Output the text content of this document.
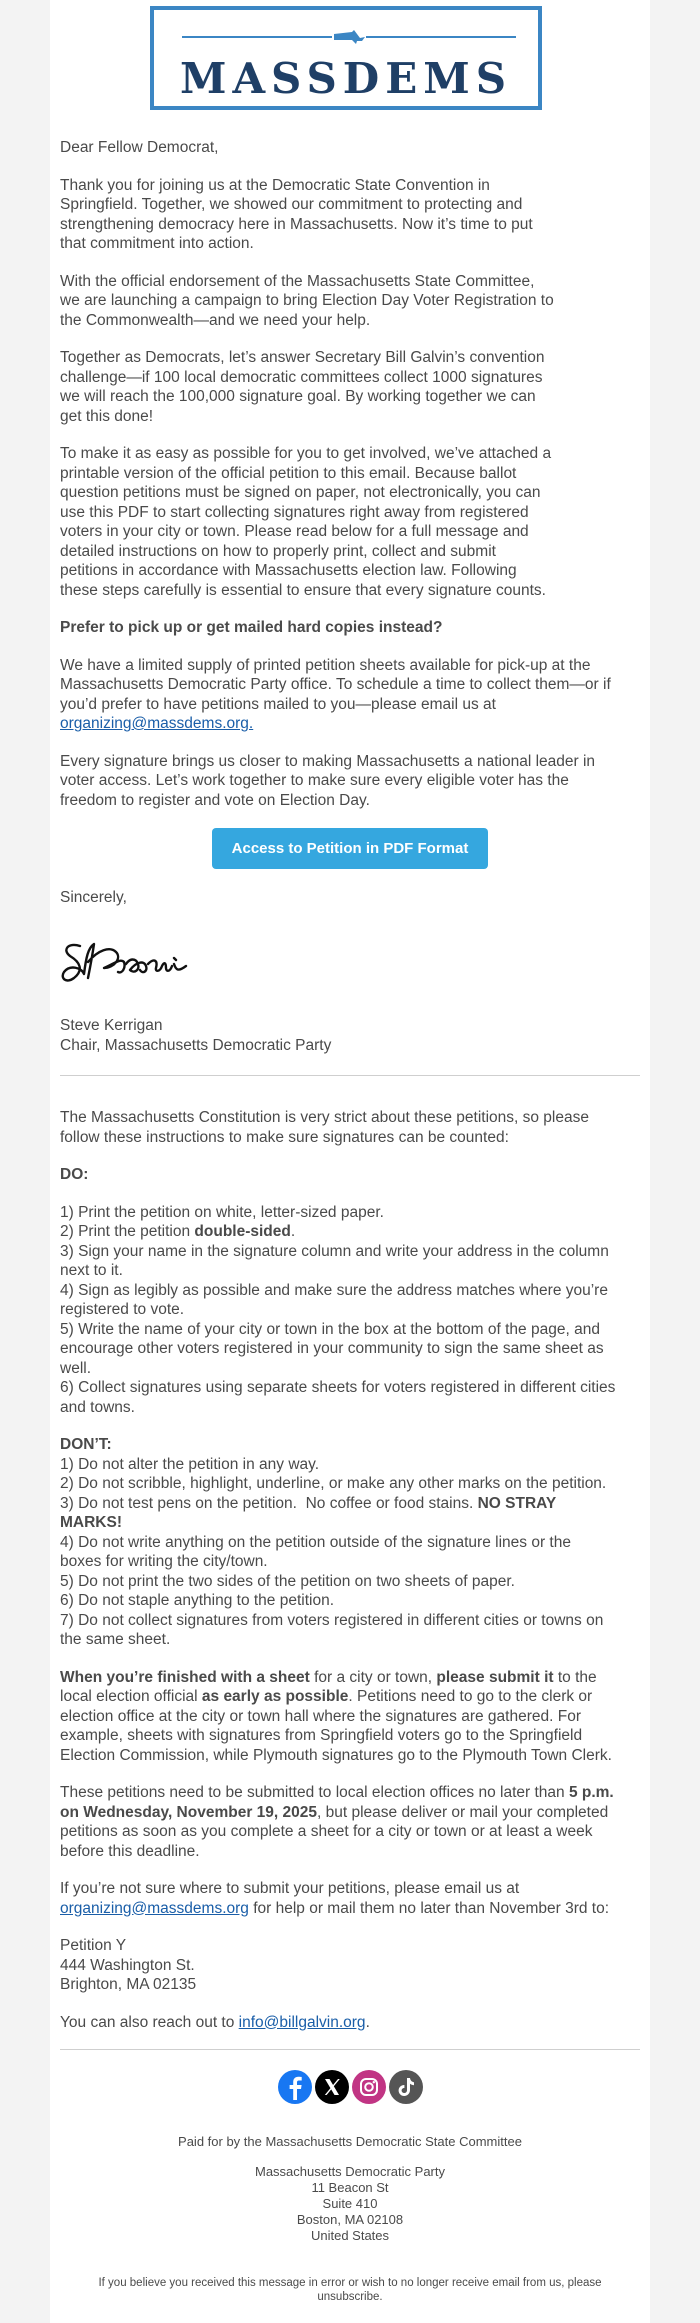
MASSDEMS
Dear Fellow Democrat,
Thank you for joining us at the Democratic State Convention in
Springfield. Together, we showed our commitment to protecting and
strengthening democracy here in Massachusetts. Now it’s time to put
that commitment into action.
With the official endorsement of the Massachusetts State Committee,
we are launching a campaign to bring Election Day Voter Registration to
the Commonwealth—and we need your help.
Together as Democrats, let’s answer Secretary Bill Galvin’s convention
challenge—if 100 local democratic committees collect 1000 signatures
we will reach the 100,000 signature goal. By working together we can
get this done!
To make it as easy as possible for you to get involved, we’ve attached a
printable version of the official petition to this email. Because ballot
question petitions must be signed on paper, not electronically, you can
use this PDF to start collecting signatures right away from registered
voters in your city or town. Please read below for a full message and
detailed instructions on how to properly print, collect and submit
petitions in accordance with Massachusetts election law. Following
these steps carefully is essential to ensure that every signature counts.
Prefer to pick up or get mailed hard copies instead?
We have a limited supply of printed petition sheets available for pick-up at the
Massachusetts Democratic Party office. To schedule a time to collect them—or if
you’d prefer to have petitions mailed to you—please email us at
organizing@massdems.org.
Every signature brings us closer to making Massachusetts a national leader in
voter access. Let’s work together to make sure every eligible voter has the
freedom to register and vote on Election Day.
Access to Petition in PDF Format
Sincerely,
Steve Kerrigan
Chair, Massachusetts Democratic Party
The Massachusetts Constitution is very strict about these petitions, so please
follow these instructions to make sure signatures can be counted:
DO:
1) Print the petition on white, letter-sized paper.
2) Print the petition double-sided.
3) Sign your name in the signature column and write your address in the column
next to it.
4) Sign as legibly as possible and make sure the address matches where you’re
registered to vote.
5) Write the name of your city or town in the box at the bottom of the page, and
encourage other voters registered in your community to sign the same sheet as
well.
6) Collect signatures using separate sheets for voters registered in different cities
and towns.
DON’T:
1) Do not alter the petition in any way.
2) Do not scribble, highlight, underline, or make any other marks on the petition.
3) Do not test pens on the petition.  No coffee or food stains. NO STRAY
MARKS!
4) Do not write anything on the petition outside of the signature lines or the
boxes for writing the city/town.
5) Do not print the two sides of the petition on two sheets of paper.
6) Do not staple anything to the petition.
7) Do not collect signatures from voters registered in different cities or towns on
the same sheet.
When you’re finished with a sheet for a city or town, please submit it to the
local election official as early as possible. Petitions need to go to the clerk or
election office at the city or town hall where the signatures are gathered. For
example, sheets with signatures from Springfield voters go to the Springfield
Election Commission, while Plymouth signatures go to the Plymouth Town Clerk.
These petitions need to be submitted to local election offices no later than 5 p.m.
on Wednesday, November 19, 2025, but please deliver or mail your completed
petitions as soon as you complete a sheet for a city or town or at least a week
before this deadline.
If you’re not sure where to submit your petitions, please email us at
organizing@massdems.org for help or mail them no later than November 3rd to:
Petition Y
444 Washington St.
Brighton, MA 02135
You can also reach out to info@billgalvin.org.
Paid for by the Massachusetts Democratic State Committee
Massachusetts Democratic Party
11 Beacon St
Suite 410
Boston, MA 02108
United States
If you believe you received this message in error or wish to no longer receive email from us, please
unsubscribe.
